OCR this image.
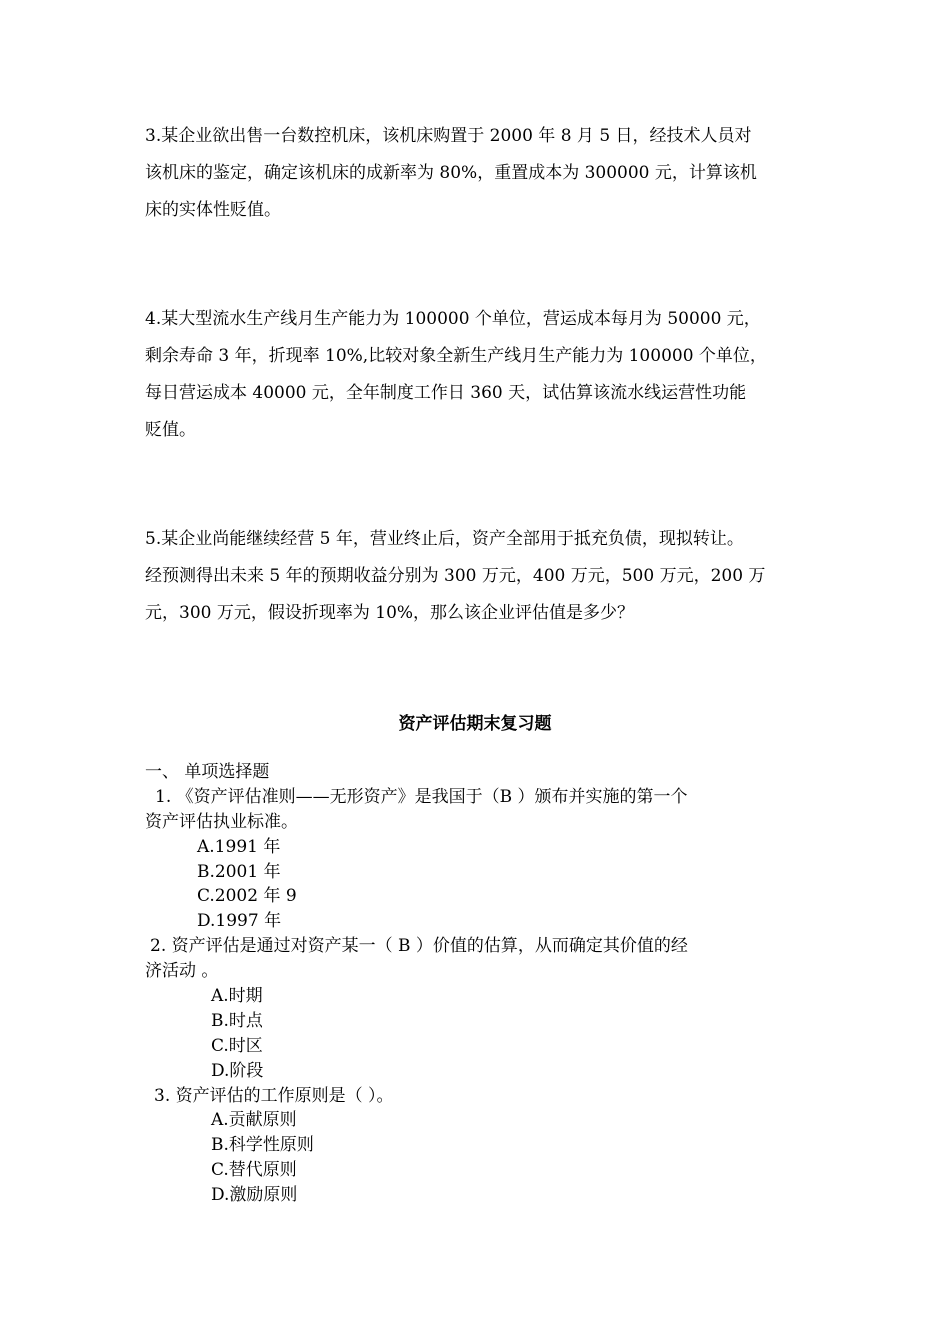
3.某企业欲出售一台数控机床，该机床购置于 2000 年 8 月 5 日，经技术人员对
该机床的鉴定，确定该机床的成新率为 80%，重置成本为 300000 元，计算该机
床的实体性贬值。
4.某大型流水生产线月生产能力为 100000 个单位，营运成本每月为 50000 元，
剩余寿命 3 年，折现率 10%,比较对象全新生产线月生产能力为 100000 个单位，
每日营运成本 40000 元，全年制度工作日 360 天，试估算该流水线运营性功能
贬值。
5.某企业尚能继续经营 5 年，营业终止后，资产全部用于抵充负债，现拟转让。
经预测得出未来 5 年的预期收益分别为 300 万元，400 万元，500 万元，200 万
元，300 万元，假设折现率为 10%，那么该企业评估值是多少？
资产评估期末复习题
一、 单项选择题
1. 《资产评估准则——无形资产》是我国于（B ）颁布并实施的第一个
资产评估执业标准。
A.1991 年
B.2001 年
C.2002 年 9
D.1997 年
2. 资产评估是通过对资产某一（ B ）价值的估算，从而确定其价值的经
济活动 。
A.时期
B.时点
C.时区
D.阶段
3. 资产评估的工作原则是（ ）。
A.贡献原则
B.科学性原则
C.替代原则
D.激励原则
